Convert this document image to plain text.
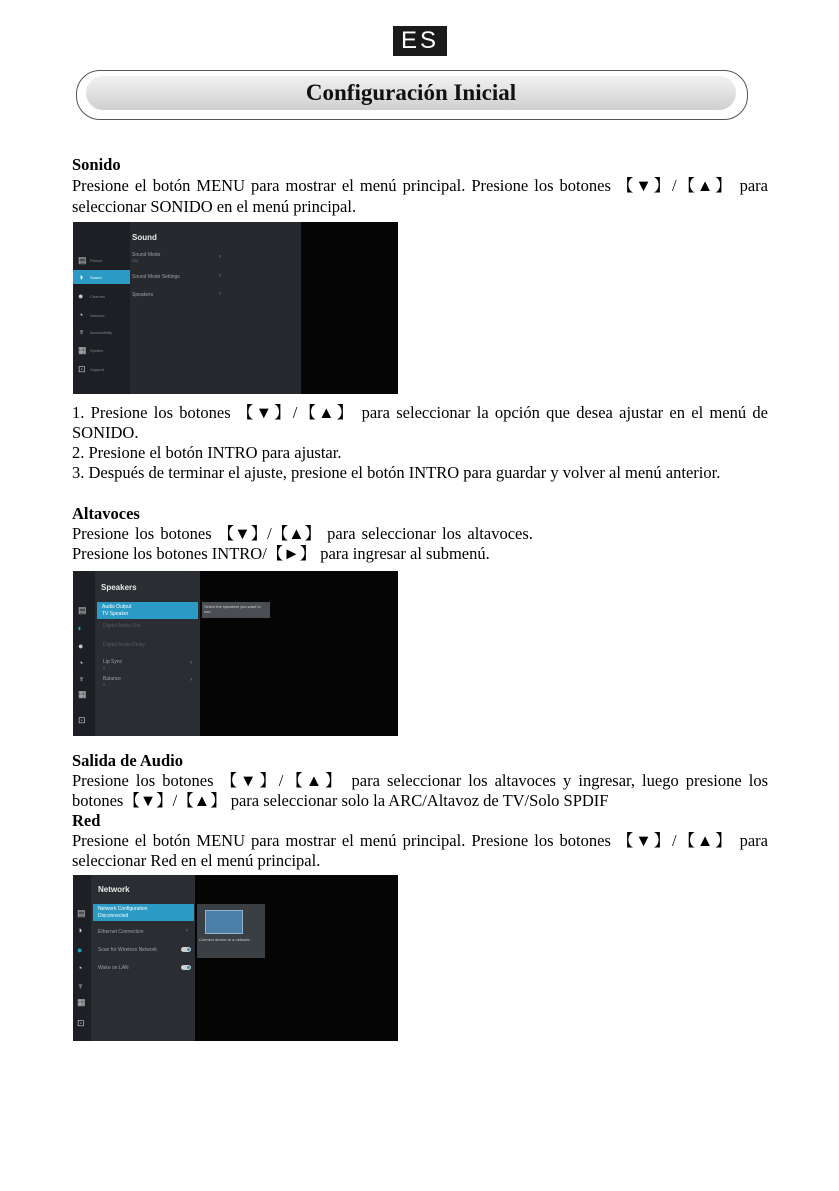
ES
Configuración Inicial
Sonido
Presione el botón MENU para mostrar el menú principal. Presione los botones 【▼】/【▲】 para
seleccionar SONIDO en el menú principal.
▤ Picture
◑ Sound
● Channel
◔ Network
♆ Accessibility
▦ System
⊡ Support
Sound
Sound Mode
Std
›
Sound Mode Settings	›
Speakers	›
1. Presione los botones 【▼】/【▲】 para seleccionar la opción que desea ajustar en el menú de SONIDO.
2. Presione el botón INTRO para ajustar.
3. Después de terminar el ajuste, presione el botón INTRO para guardar y volver al menú anterior.
Altavoces
Presione los botones 【▼】/【▲】 para seleccionar los altavoces.
Presione los botones INTRO/【►】 para ingresar al submenú.
▤
◑
●
◔
♆
▦
⊡
Speakers
Audio Output
TV Speaker
Digital Audio Out
Digital Audio Delay
Lip Sync
0
›
Balance
0
›
Select the speakers you want to use.
Salida de Audio
Presione los botones 【▼】/【▲】 para seleccionar los altavoces y ingresar, luego presione los
botones【▼】/【▲】 para seleccionar solo la ARC/Altavoz de TV/Solo SPDIF
Red
Presione el botón MENU para mostrar el menú principal. Presione los botones 【▼】/【▲】 para
seleccionar Red en el menú principal.
▤
◑
●
◔
♆
▦
⊡
Network
Network Configuration
Disconnected
Ethernet Connection	›
Scan for Wireless Network
Wake on LAN
Connect device to a network.
